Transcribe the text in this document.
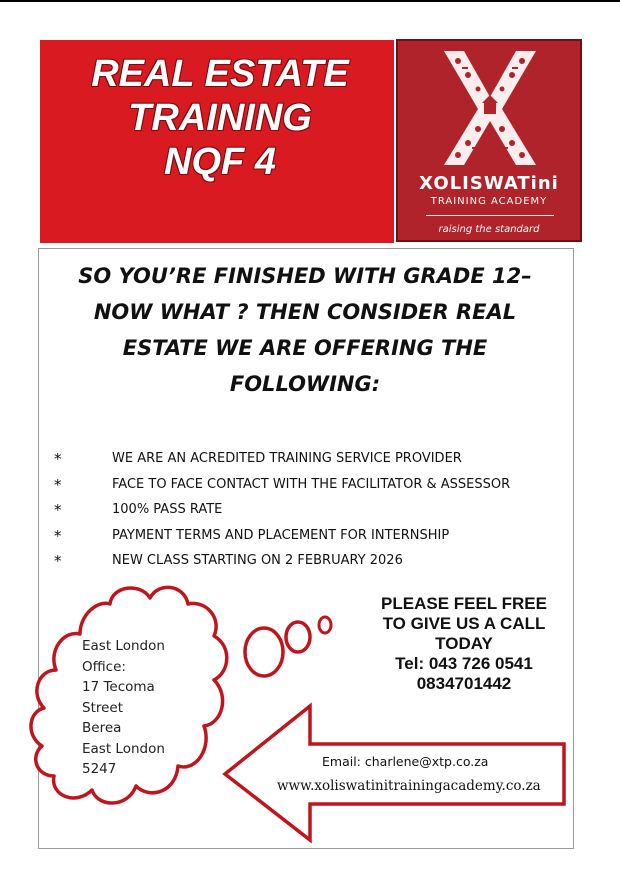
REAL ESTATE
TRAINING
NQF 4
XOLISWATini
TRAINING ACADEMY
raising the standard
SO YOU’RE FINISHED WITH GRADE 12–
NOW WHAT ? THEN CONSIDER REAL
ESTATE WE ARE OFFERING THE
FOLLOWING:
*	WE ARE AN ACREDITED TRAINING SERVICE PROVIDER
*	FACE TO FACE CONTACT WITH THE FACILITATOR & ASSESSOR
*	100% PASS RATE
*	PAYMENT TERMS AND PLACEMENT FOR INTERNSHIP
*	NEW CLASS STARTING ON 2 FEBRUARY 2026
PLEASE FEEL FREE
TO GIVE US A CALL
TODAY
Tel: 043 726 0541
0834701442
East London
Office:
17 Tecoma
Street
Berea
East London
5247	Email: charlene@xtp.co.za
www.xoliswatinitrainingacademy.co.za
